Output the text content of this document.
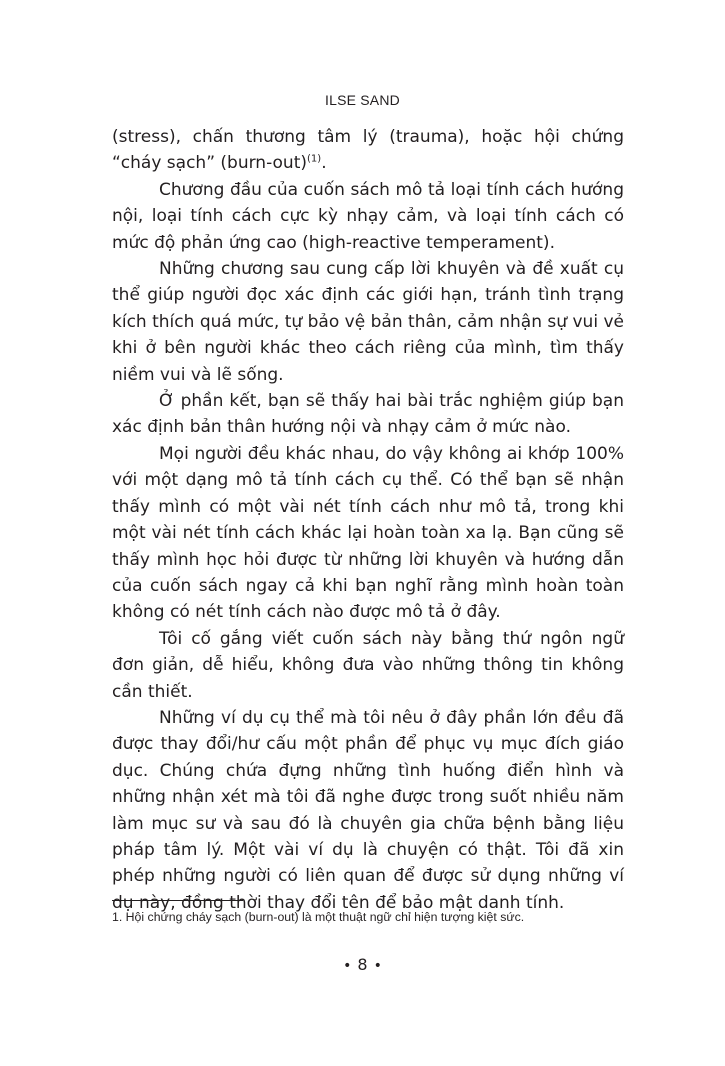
ILSE SAND

(stress), chấn thương tâm lý (trauma), hoặc hội chứng “cháy sạch” (burn-out)$^{(1)}$.

Chương đầu của cuốn sách mô tả loại tính cách hướng nội, loại tính cách cực kỳ nhạy cảm, và loại tính cách có mức độ phản ứng cao (high-reactive temperament).

Những chương sau cung cấp lời khuyên và đề xuất cụ thể giúp người đọc xác định các giới hạn, tránh tình trạng kích thích quá mức, tự bảo vệ bản thân, cảm nhận sự vui vẻ khi ở bên người khác theo cách riêng của mình, tìm thấy niềm vui và lẽ sống.

Ở phần kết, bạn sẽ thấy hai bài trắc nghiệm giúp bạn xác định bản thân hướng nội và nhạy cảm ở mức nào.

Mọi người đều khác nhau, do vậy không ai khớp 100% với một dạng mô tả tính cách cụ thể. Có thể bạn sẽ nhận thấy mình có một vài nét tính cách như mô tả, trong khi một vài nét tính cách khác lại hoàn toàn xa lạ. Bạn cũng sẽ thấy mình học hỏi được từ những lời khuyên và hướng dẫn của cuốn sách ngay cả khi bạn nghĩ rằng mình hoàn toàn không có nét tính cách nào được mô tả ở đây.

Tôi cố gắng viết cuốn sách này bằng thứ ngôn ngữ đơn giản, dễ hiểu, không đưa vào những thông tin không cần thiết.

Những ví dụ cụ thể mà tôi nêu ở đây phần lớn đều đã được thay đổi/hư cấu một phần để phục vụ mục đích giáo dục. Chúng chứa đựng những tình huống điển hình và những nhận xét mà tôi đã nghe được trong suốt nhiều năm làm mục sư và sau đó là chuyên gia chữa bệnh bằng liệu pháp tâm lý. Một vài ví dụ là chuyện có thật. Tôi đã xin phép những người có liên quan để được sử dụng những ví dụ này, đồng thời thay đổi tên để bảo mật danh tính.

1. Hội chứng cháy sạch (burn-out) là một thuật ngữ chỉ hiện tượng kiệt sức.
• 8 •
